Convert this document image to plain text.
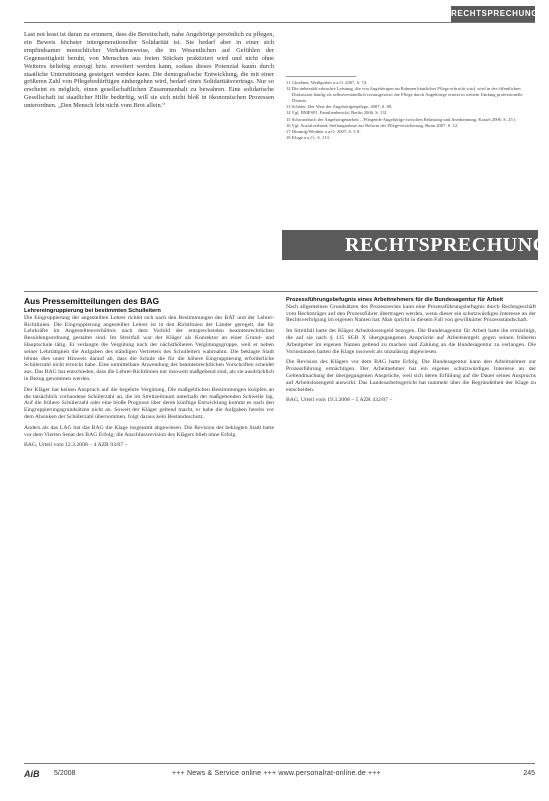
RECHTSPRECHUNG

Last not least ist daran zu erinnern, dass die Bereitschaft, nahe Angehörige persönlich zu pflegen, ein Beweis höchster intergenerationeller Solidarität ist. Sie bedarf aber in einer sich empfindsamer menschlicher Verhaltensweise, die im Wesentlichen auf Gefühlen der Gegenseitigkeit beruht, von Menschen aus freien Stücken praktiziert wird und nicht ohne Weiteres beliebig erzeugt bzw. erweitert werden kann, sodass dieses Potenzial kaum durch staatliche Unterstützung gesteigert werden kann. Die demografische Entwicklung, die mit einer größeren Zahl von Pflegebedürftigen einhergehen wird, bedarf eines Solidaritätsvertrags. Nur so erscheint es möglich, einen gesellschaftlichen Zusammenhalt zu bewahren. Eine solidarische Gesellschaft ist staatlicher Hilfe bedürftig, will sie sich nicht bloß in ökonomischen Prozessen unterordnen. „Den Mensch lebt nicht vom Brot allein.“

11 Gloeßner, Weißgerber a.a.O. 2007, S. 74.
12 Die unbezahlt erbrachte Leistung, die von Angehörigen im Rahmen häuslicher Pflege erbracht wird, wird in der öffentlichen Diskussion häufig als selbstverständlich vorausgesetzt; die Pflege durch Angehörige ersetzt in weitem Umfang professionelle Dienste.
13 Schäfer, Der Wert der Angehörigenpflege, 2007, S. 88.
14 Vgl. BMFSFJ, Familienbericht, Berlin 2006, S. 131.
15 Schwarzbuch der Angehörigenarbeit – Pflegende Angehörige zwischen Belastung und Anerkennung, Kassel 2006, S. 25 f.
16 Vgl. Sozialverband, Stellungnahme zur Reform der Pflegeversicherung, Bonn 2007, S. 12.
17 Dimmig/Weidner a.a.O. 2007, S. 5 ff.
18 Kluge a.a.O., S. 113.
RECHTSPRECHUNG
Aus Pressemitteilungen des BAG

Lehrereingruppierung bei bestimmten Schulleitern

Die Eingruppierung der angestellten Lehrer richtet sich nach den Bestimmungen des BAT und der Lehrer-Richtlinien. Die Eingruppierung angestellter Lehrer ist in den Richtlinien der Länder geregelt, die für Lehrkräfte im Angestelltenverhältnis nach dem Vorbild der entsprechenden beamtenrechtlichen Besoldungsordnung gestaltet sind. Im Streitfall war der Kläger als Konrektor an einer Grund- und Hauptschule tätig. Er verlangte die Vergütung nach der nächsthöheren Vergütungsgruppe, weil er neben seiner Lehrtätigkeit die Aufgaben des ständigen Vertreters des Schulleiters wahrnahm. Die beklagte Stadt lehnte dies unter Hinweis darauf ab, dass die Schule die für die höhere Eingruppierung erforderliche Schülerzahl nicht erreicht habe. Eine unmittelbare Anwendung der beamtenrechtlichen Vorschriften scheidet aus. Das BAG hat entschieden, dass die Lehrer-Richtlinien nur insoweit maßgebend sind, als sie ausdrücklich in Bezug genommen werden.

Der Kläger hat keinen Anspruch auf die begehrte Vergütung. Die maßgeblichen Bestimmungen knüpfen an die tatsächlich vorhandene Schülerzahl an, die im Streitzeitraum unterhalb der maßgebenden Schwelle lag. Auf die frühere Schülerzahl oder eine bloße Prognose über deren künftige Entwicklung kommt es nach den Eingruppierungsgrundsätzen nicht an. Soweit der Kläger geltend macht, er habe die Aufgaben bereits vor dem Absinken der Schülerzahl übernommen, folgt daraus kein Bestandsschutz.

Anders als das LAG hat das BAG die Klage insgesamt abgewiesen. Die Revision der beklagten Stadt hatte vor dem Vierten Senat des BAG Erfolg; die Anschlussrevision des Klägers blieb ohne Erfolg.

BAG, Urteil vom 12.3.2008 – 4 AZR 93/07 –

Prozessführungsbefugnis eines Arbeitnehmers für die Bundesagentur für Arbeit

Nach allgemeinen Grundsätzen des Prozessrechts kann eine Prozessführungsbefugnis durch Rechtsgeschäft vom Rechtsträger auf den Prozessführer übertragen werden, wenn dieser ein schutzwürdiges Interesse an der Rechtsverfolgung im eigenen Namen hat. Man spricht in diesem Fall von gewillkürter Prozessstandschaft.

Im Streitfall hatte der Kläger Arbeitslosengeld bezogen. Die Bundesagentur für Arbeit hatte ihn ermächtigt, die auf sie nach § 115 SGB X übergegangenen Ansprüche auf Arbeitsentgelt gegen seinen früheren Arbeitgeber im eigenen Namen geltend zu machen und Zahlung an die Bundesagentur zu verlangen. Die Vorinstanzen hatten die Klage insoweit als unzulässig abgewiesen.

Die Revision des Klägers vor dem BAG hatte Erfolg. Die Bundesagentur kann den Arbeitnehmer zur Prozessführung ermächtigen. Der Arbeitnehmer hat ein eigenes schutzwürdiges Interesse an der Geltendmachung der übergegangenen Ansprüche, weil sich deren Erfüllung auf die Dauer seines Anspruchs auf Arbeitslosengeld auswirkt. Das Landesarbeitsgericht hat nunmehr über die Begründetheit der Klage zu entscheiden.

BAG, Urteil vom 19.3.2008 – 5 AZR 432/07 –

AiB 5/2008	+++ News & Service online +++ www.personalrat-online.de +++	245
